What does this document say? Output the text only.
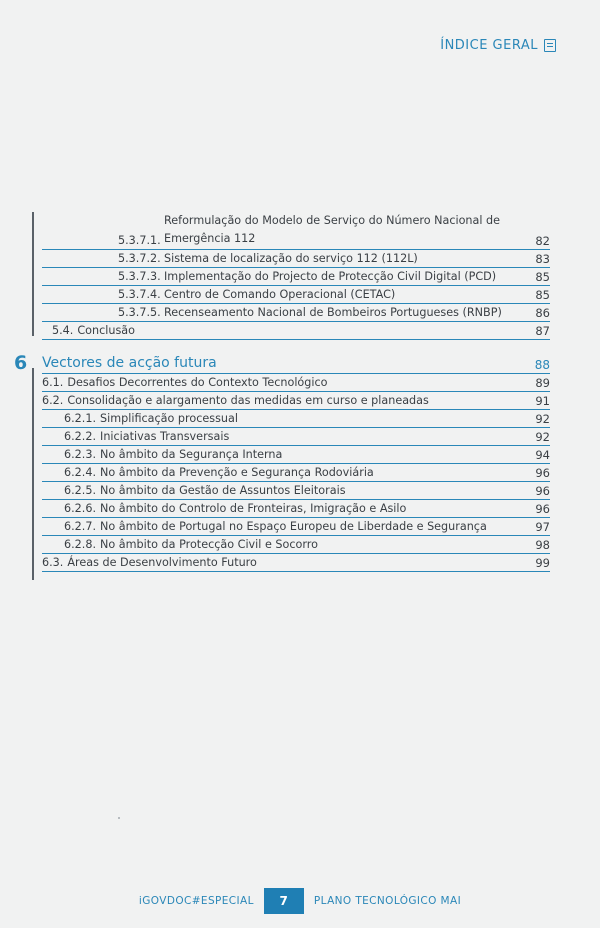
ÍNDICE GERAL
5.3.7.1.
Reformulação do Modelo de Serviço do Número Nacional de
Emergência 112	82
5.3.7.2. Sistema de localização do serviço 112 (112L)	83
5.3.7.3. Implementação do Projecto de Protecção Civil Digital (PCD)	85
5.3.7.4. Centro de Comando Operacional (CETAC)	85
5.3.7.5. Recenseamento Nacional de Bombeiros Portugueses (RNBP)	86
5.4. Conclusão	87
6 Vectores de acção futura	88
6.1. Desafios Decorrentes do Contexto Tecnológico	89
6.2. Consolidação e alargamento das medidas em curso e planeadas	91
6.2.1. Simplificação processual	92
6.2.2. Iniciativas Transversais	92
6.2.3. No âmbito da Segurança Interna	94
6.2.4. No âmbito da Prevenção e Segurança Rodoviária	96
6.2.5. No âmbito da Gestão de Assuntos Eleitorais	96
6.2.6. No âmbito do Controlo de Fronteiras, Imigração e Asilo	96
6.2.7. No âmbito de Portugal no Espaço Europeu de Liberdade e Segurança	97
6.2.8. No âmbito da Protecção Civil e Socorro	98
6.3. Áreas de Desenvolvimento Futuro	99
iGOVDOC#ESPECIAL	7	PLANO TECNOLÓGICO MAI
